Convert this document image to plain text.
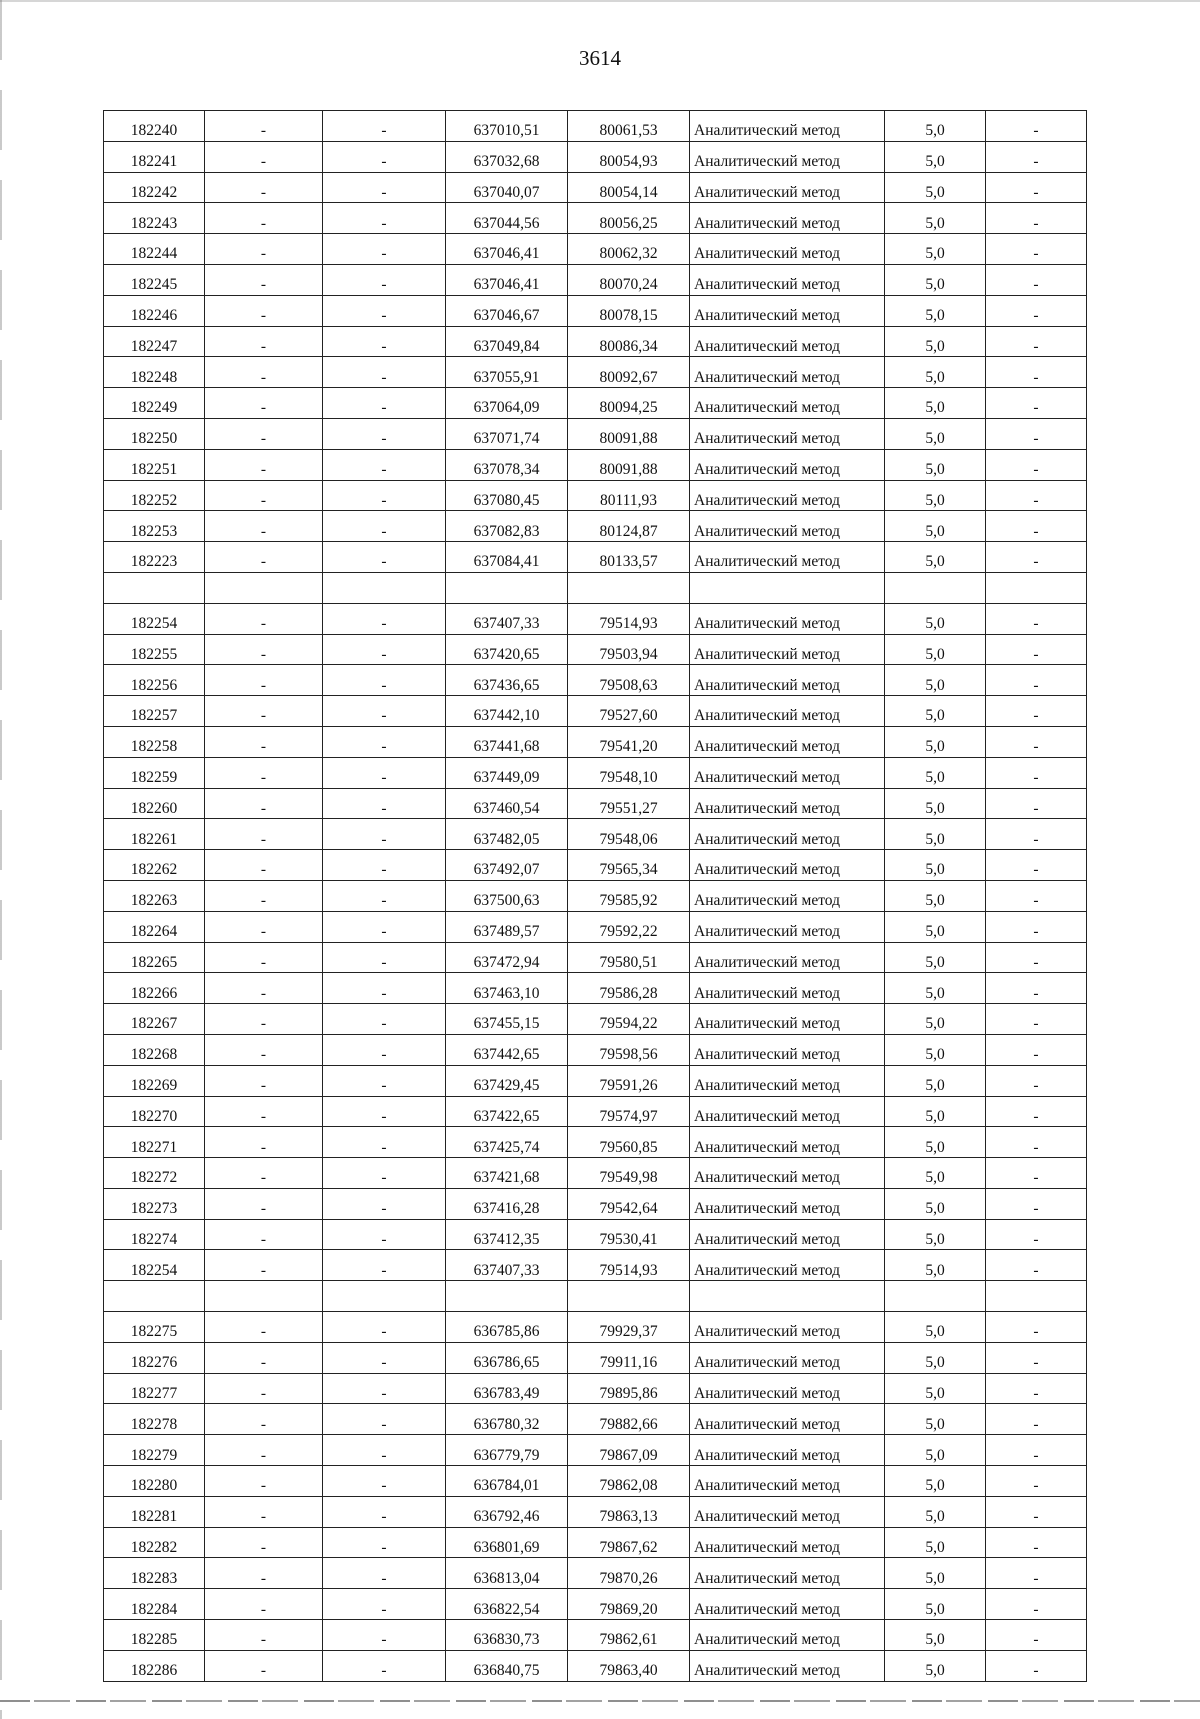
3614
182240	-	-	637010,51	80061,53	Аналитический метод	5,0	-
182241	-	-	637032,68	80054,93	Аналитический метод	5,0	-
182242	-	-	637040,07	80054,14	Аналитический метод	5,0	-
182243	-	-	637044,56	80056,25	Аналитический метод	5,0	-
182244	-	-	637046,41	80062,32	Аналитический метод	5,0	-
182245	-	-	637046,41	80070,24	Аналитический метод	5,0	-
182246	-	-	637046,67	80078,15	Аналитический метод	5,0	-
182247	-	-	637049,84	80086,34	Аналитический метод	5,0	-
182248	-	-	637055,91	80092,67	Аналитический метод	5,0	-
182249	-	-	637064,09	80094,25	Аналитический метод	5,0	-
182250	-	-	637071,74	80091,88	Аналитический метод	5,0	-
182251	-	-	637078,34	80091,88	Аналитический метод	5,0	-
182252	-	-	637080,45	80111,93	Аналитический метод	5,0	-
182253	-	-	637082,83	80124,87	Аналитический метод	5,0	-
182223	-	-	637084,41	80133,57	Аналитический метод	5,0	-

182254	-	-	637407,33	79514,93	Аналитический метод	5,0	-
182255	-	-	637420,65	79503,94	Аналитический метод	5,0	-
182256	-	-	637436,65	79508,63	Аналитический метод	5,0	-
182257	-	-	637442,10	79527,60	Аналитический метод	5,0	-
182258	-	-	637441,68	79541,20	Аналитический метод	5,0	-
182259	-	-	637449,09	79548,10	Аналитический метод	5,0	-
182260	-	-	637460,54	79551,27	Аналитический метод	5,0	-
182261	-	-	637482,05	79548,06	Аналитический метод	5,0	-
182262	-	-	637492,07	79565,34	Аналитический метод	5,0	-
182263	-	-	637500,63	79585,92	Аналитический метод	5,0	-
182264	-	-	637489,57	79592,22	Аналитический метод	5,0	-
182265	-	-	637472,94	79580,51	Аналитический метод	5,0	-
182266	-	-	637463,10	79586,28	Аналитический метод	5,0	-
182267	-	-	637455,15	79594,22	Аналитический метод	5,0	-
182268	-	-	637442,65	79598,56	Аналитический метод	5,0	-
182269	-	-	637429,45	79591,26	Аналитический метод	5,0	-
182270	-	-	637422,65	79574,97	Аналитический метод	5,0	-
182271	-	-	637425,74	79560,85	Аналитический метод	5,0	-
182272	-	-	637421,68	79549,98	Аналитический метод	5,0	-
182273	-	-	637416,28	79542,64	Аналитический метод	5,0	-
182274	-	-	637412,35	79530,41	Аналитический метод	5,0	-
182254	-	-	637407,33	79514,93	Аналитический метод	5,0	-

182275	-	-	636785,86	79929,37	Аналитический метод	5,0	-
182276	-	-	636786,65	79911,16	Аналитический метод	5,0	-
182277	-	-	636783,49	79895,86	Аналитический метод	5,0	-
182278	-	-	636780,32	79882,66	Аналитический метод	5,0	-
182279	-	-	636779,79	79867,09	Аналитический метод	5,0	-
182280	-	-	636784,01	79862,08	Аналитический метод	5,0	-
182281	-	-	636792,46	79863,13	Аналитический метод	5,0	-
182282	-	-	636801,69	79867,62	Аналитический метод	5,0	-
182283	-	-	636813,04	79870,26	Аналитический метод	5,0	-
182284	-	-	636822,54	79869,20	Аналитический метод	5,0	-
182285	-	-	636830,73	79862,61	Аналитический метод	5,0	-
182286	-	-	636840,75	79863,40	Аналитический метод	5,0	-
